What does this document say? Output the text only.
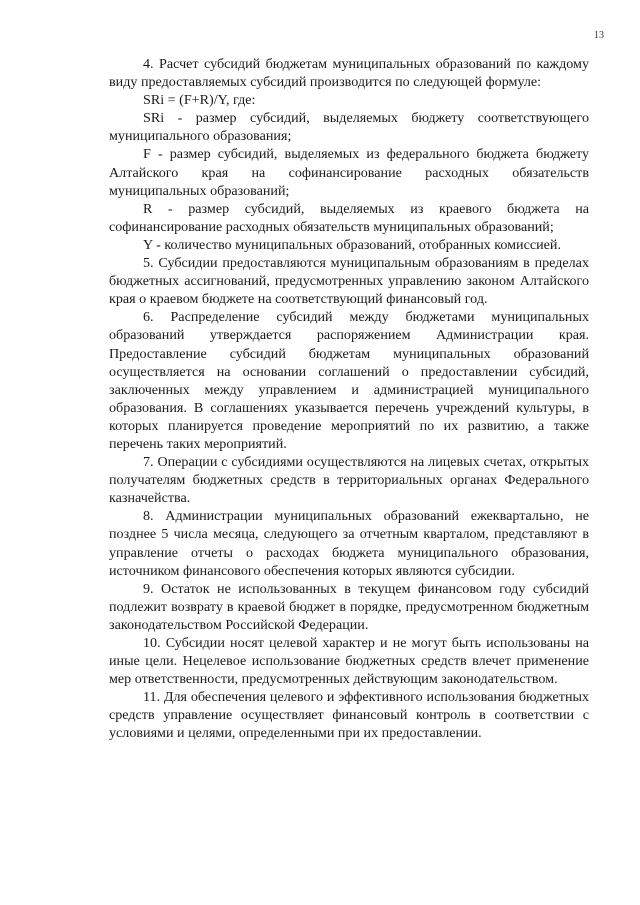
13

4. Расчет субсидий бюджетам муниципальных образований по каждому виду предоставляемых субсидий производится по следующей формуле:

SRi = (F+R)/Y, где:

SRi - размер субсидий, выделяемых бюджету соответствующего муниципального образования;

F - размер субсидий, выделяемых из федерального бюджета бюджету Алтайского края на софинансирование расходных обязательств муниципальных образований;

R - размер субсидий, выделяемых из краевого бюджета на софинансирование расходных обязательств муниципальных образований;

Y - количество муниципальных образований, отобранных комиссией.

5. Субсидии предоставляются муниципальным образованиям в пределах бюджетных ассигнований, предусмотренных управлению законом Алтайского края о краевом бюджете на соответствующий финансовый год.

6. Распределение субсидий между бюджетами муниципальных образований утверждается распоряжением Администрации края. Предоставление субсидий бюджетам муниципальных образований осуществляется на основании соглашений о предоставлении субсидий, заключенных между управлением и администрацией муниципального образования. В соглашениях указывается перечень учреждений культуры, в которых планируется проведение мероприятий по их развитию, а также перечень таких мероприятий.

7. Операции с субсидиями осуществляются на лицевых счетах, открытых получателям бюджетных средств в территориальных органах Федерального казначейства.

8. Администрации муниципальных образований ежеквартально, не позднее 5 числа месяца, следующего за отчетным кварталом, представляют в управление отчеты о расходах бюджета муниципального образования, источником финансового обеспечения которых являются субсидии.

9. Остаток не использованных в текущем финансовом году субсидий подлежит возврату в краевой бюджет в порядке, предусмотренном бюджетным законодательством Российской Федерации.

10. Субсидии носят целевой характер и не могут быть использованы на иные цели. Нецелевое использование бюджетных средств влечет применение мер ответственности, предусмотренных действующим законодательством.

11. Для обеспечения целевого и эффективного использования бюджетных средств управление осуществляет финансовый контроль в соответствии с условиями и целями, определенными при их предоставлении.
